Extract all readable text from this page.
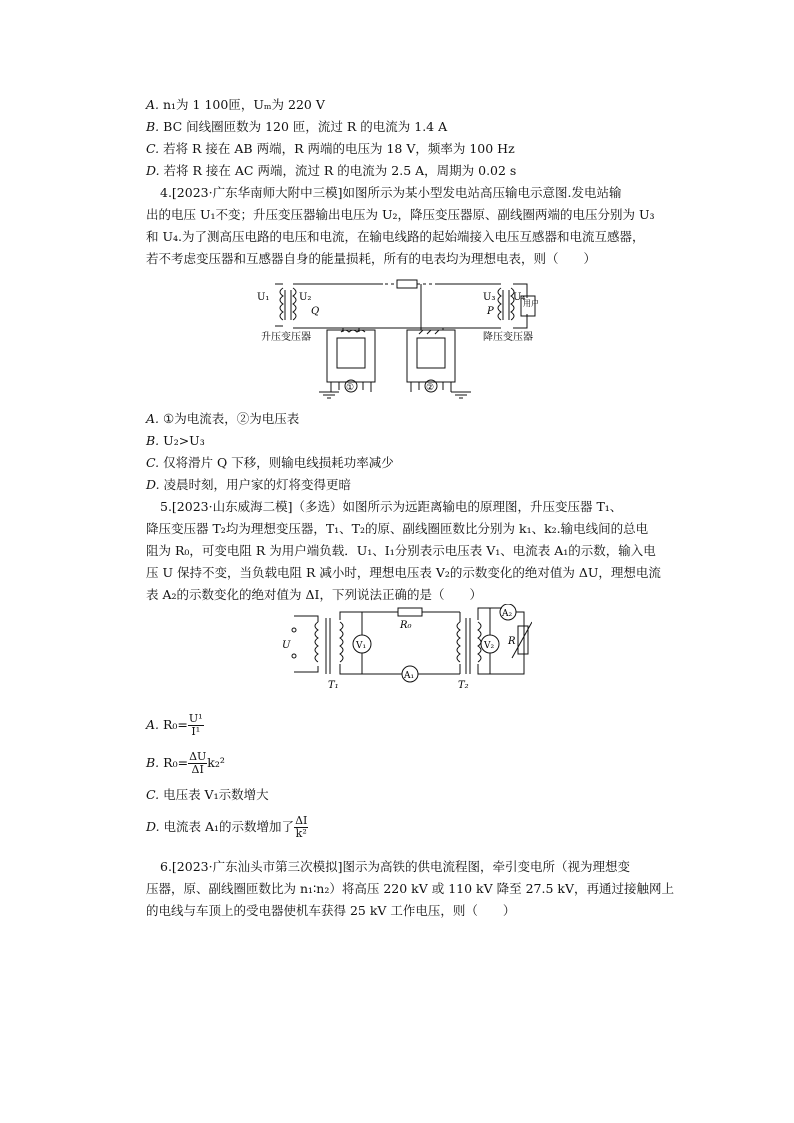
A. n₁为 1 100匝，Uₘ为 220 V
B. BC 间线圈匝数为 120 匝，流过 R 的电流为 1.4 A
C. 若将 R 接在 AB 两端，R 两端的电压为 18 V，频率为 100 Hz
D. 若将 R 接在 AC 两端，流过 R 的电流为 2.5 A，周期为 0.02 s
4.[2023·广东华南师大附中三模]如图所示为某小型发电站高压输电示意图.发电站输
出的电压 U₁不变；升压变压器输出电压为 U₂，降压变压器原、副线圈两端的电压分别为 U₃
和 U₄.为了测高压电路的电压和电流，在输电线路的起始端接入电压互感器和电流互感器，
若不考虑变压器和互感器自身的能量损耗，所有的电表均为理想电表，则（　　）
U₁	U₂
Q
U₃ U₄
P
用户
升压变压器	降压变压器
①	②
A. ①为电流表，②为电压表
B. U₂>U₃
C. 仅将滑片 Q 下移，则输电线损耗功率减少
D. 凌晨时刻，用户家的灯将变得更暗
5.[2023·山东威海二模]（多选）如图所示为远距离输电的原理图，升压变压器 T₁、
降压变压器 T₂均为理想变压器，T₁、T₂的原、副线圈匝数比分别为 k₁、k₂.输电线间的总电
阻为 R₀，可变电阻 R 为用户端负载．U₁、I₁分别表示电压表 V₁、电流表 A₁的示数，输入电
压 U 保持不变，当负载电阻 R 减小时，理想电压表 V₂的示数变化的绝对值为 ΔU，理想电流
表 A₂的示数变化的绝对值为 ΔI，下列说法正确的是（　　）
U
R₀
V₁
A₁
V₂
A₂
R
T₁	T₂
A. $R_0= \frac{\text{U¹}}{\text{I¹}}$
B. $R_0= \frac{\Delta U}{\Delta I} k_2^2$
C. 电压表 V₁示数增大
D. 电流表 A₁的示数增加了 $\frac{\Delta I}{\text{k²}}$
6.[2023·广东汕头市第三次模拟]图示为高铁的供电流程图，牵引变电所（视为理想变
压器，原、副线圈匝数比为 n₁∶n₂）将高压 220 kV 或 110 kV 降至 27.5 kV，再通过接触网上
的电线与车顶上的受电器使机车获得 25 kV 工作电压，则（　　）
